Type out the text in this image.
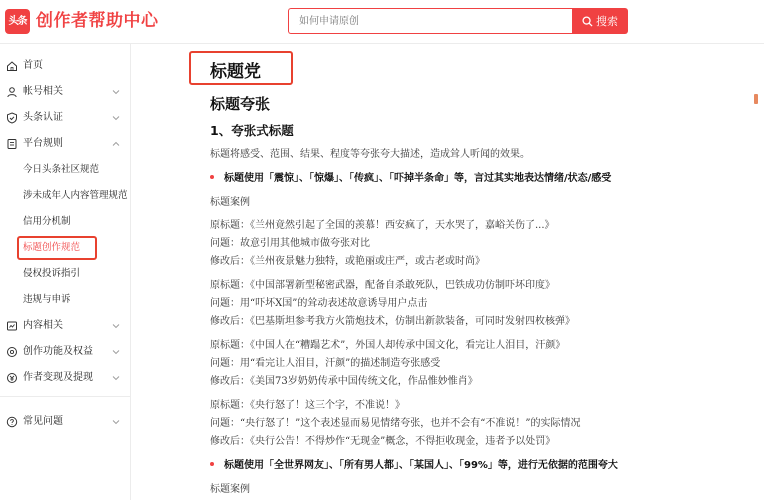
头条 创作者帮助中心
如何申请原创	搜索
首页
帐号相关
头条认证
平台规则
今日头条社区规范
涉未成年人内容管理规范
信用分机制
标题创作规范
侵权投诉指引
违规与申诉
内容相关
创作功能及权益
作者变现及提现
常见问题
标题党
标题夸张
1、夸张式标题
标题将感受、范围、结果、程度等夸张夸大描述，造成耸人听闻的效果。
标题使用「震惊」、「惊爆」、「传疯」、「吓掉半条命」等，言过其实地表达情绪/状态/感受
标题案例
原标题：《兰州竟然引起了全国的羡慕！西安疯了，天水哭了，嘉峪关伤了...》
问题：故意引用其他城市做夸张对比
修改后：《兰州夜景魅力独特，或艳丽或庄严，或古老或时尚》
原标题：《中国部署新型秘密武器，配备自杀敢死队，巴铁成功仿制吓坏印度》
问题：用“吓坏X国”的耸动表述故意诱导用户点击
修改后：《巴基斯坦参考我方火箭炮技术，仿制出新款装备，可同时发射四枚核弹》
原标题：《中国人在“糟蹋艺术”，外国人却传承中国文化，看完让人泪目，汗颜》
问题：用“看完让人泪目，汗颜”的描述制造夸张感受
修改后：《美国73岁奶奶传承中国传统文化，作品惟妙惟肖》
原标题：《央行怒了！这三个字，不准说！》
问题：“央行怒了！”这个表述显而易见情绪夸张，也并不会有“不准说！”的实际情况
修改后：《央行公告！不得炒作“无现金”概念，不得拒收现金，违者予以处罚》
标题使用「全世界网友」、「所有男人都」、「某国人」、「99%」等，进行无依据的范围夸大
标题案例
